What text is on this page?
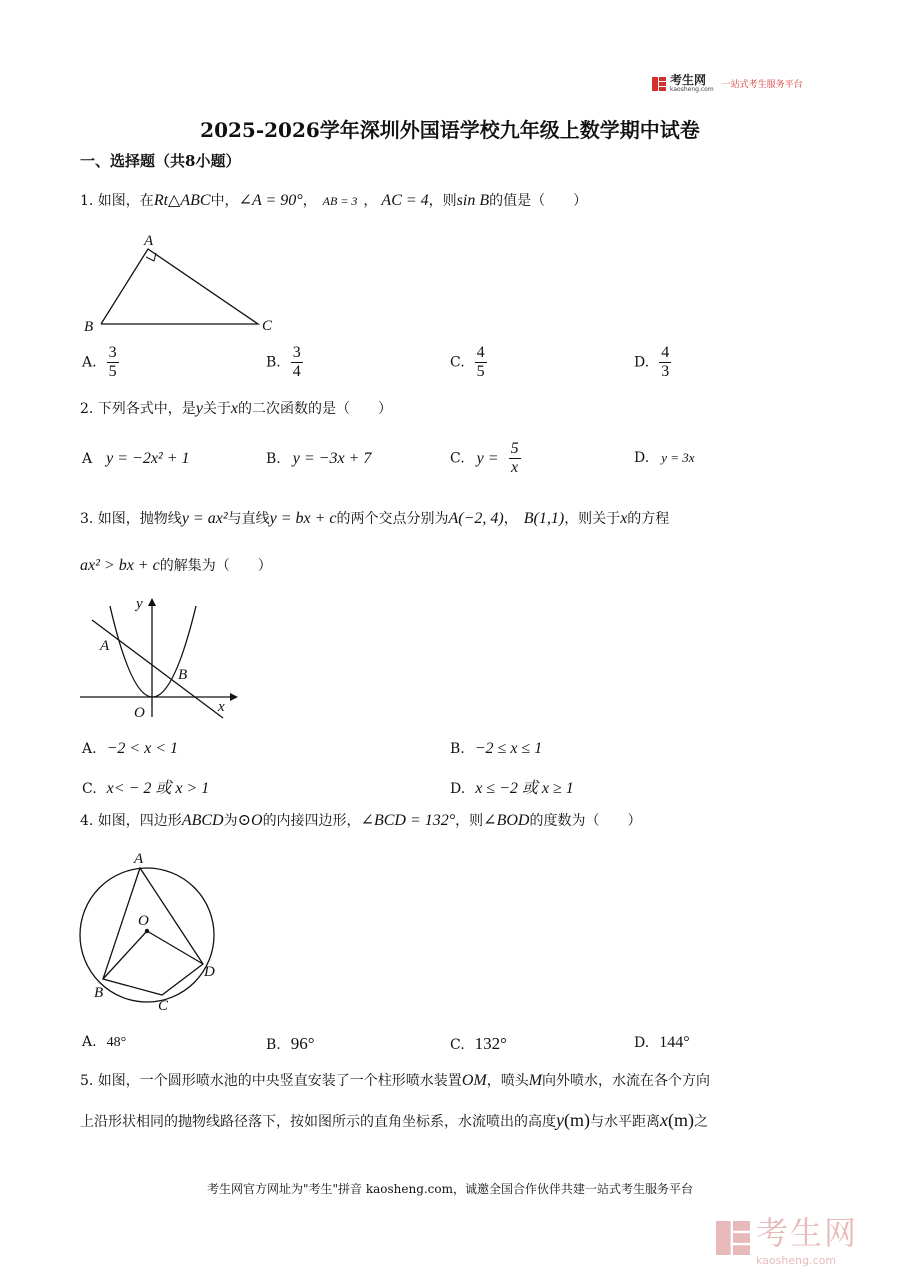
考生网
kaosheng.com 一站式考生服务平台
2025-2026学年深圳外国语学校九年级上数学期中试卷
一、选择题（共8小题）
1. 如图，在Rt△ABC中，∠A = 90°， AB = 3 ， AC = 4，则sin B的值是（　　）
A
B	C
A. $\frac{3}{5}$	B. $\frac{3}{4}$	C. $\frac{4}{5}$	D. $\frac{4}{3}$
2. 下列各式中，是y关于x的二次函数的是（　　）
A y = −2x² + 1	B. y = −3x + 7	C. $y = \frac{5}{x}$	D. y = 3x
3. 如图，抛物线y = ax²与直线y = bx + c的两个交点分别为A(−2, 4)， B(1,1)，则关于x的方程
ax² > bx + c的解集为（　　）
y
x
O
A
B
A. −2 < x < 1	B. −2 ≤ x ≤ 1
C. x< − 2 或 x > 1	D. x ≤ −2 或 x ≥ 1
4. 如图，四边形ABCD为⊙O的内接四边形，∠BCD = 132°，则∠BOD的度数为（　　）
A
O
D
B
C
A. 48°	B. 96°	C. 132°	D. 144°
5. 如图，一个圆形喷水池的中央竖直安装了一个柱形喷水装置OM，喷头M向外喷水，水流在各个方向
上沿形状相同的抛物线路径落下，按如图所示的直角坐标系，水流喷出的高度y(m)与水平距离x(m)之
考生网官方网址为"考生"拼音 kaosheng.com，诚邀全国合作伙伴共建一站式考生服务平台
考生网
kaosheng.com
